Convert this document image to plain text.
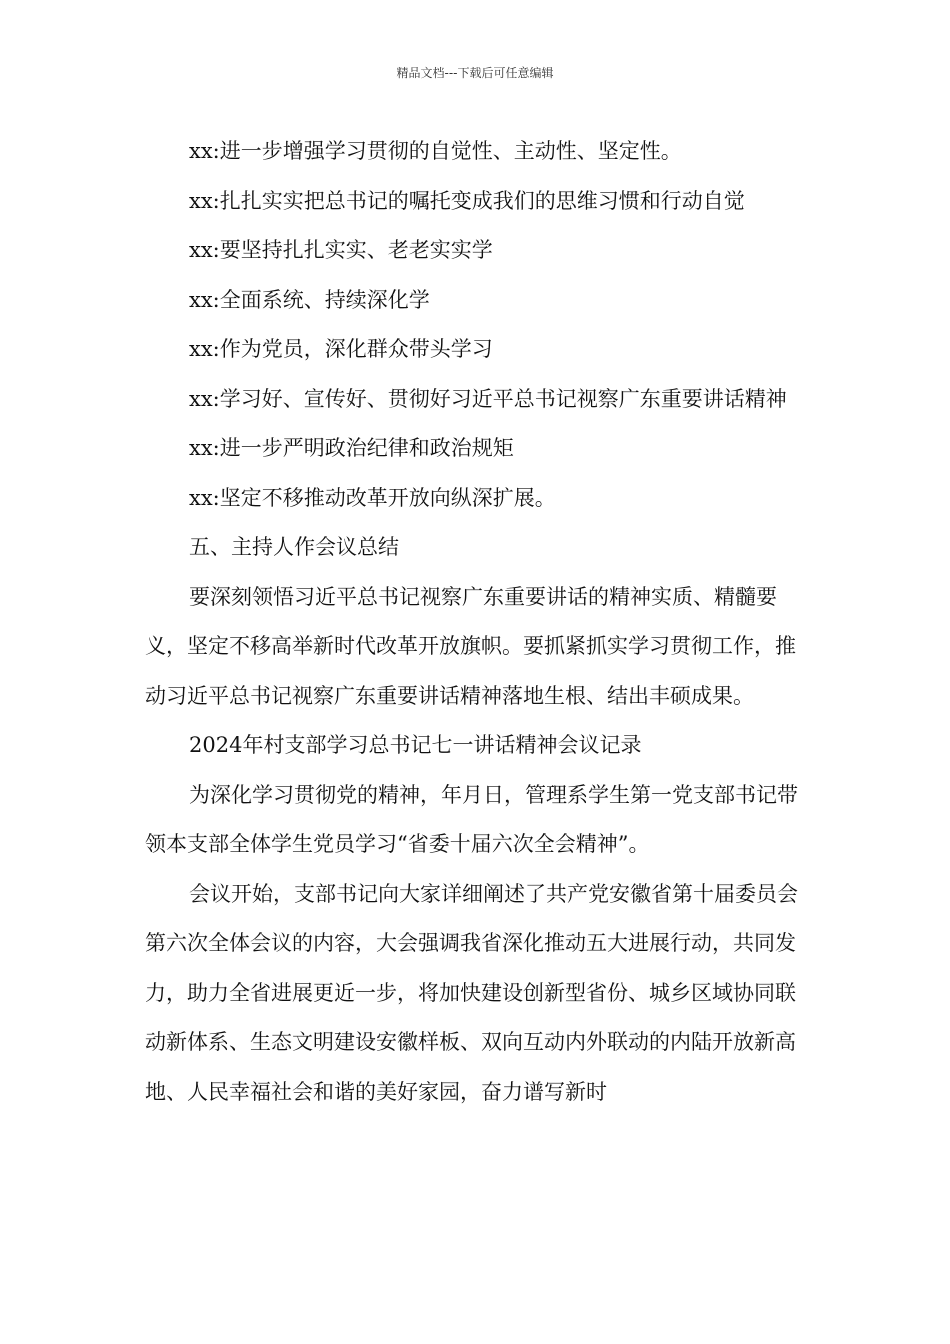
精品文档---下载后可任意编辑

xx:进一步增强学习贯彻的自觉性、主动性、坚定性。

xx:扎扎实实把总书记的嘱托变成我们的思维习惯和行动自觉

xx:要坚持扎扎实实、老老实实学

xx:全面系统、持续深化学

xx:作为党员，深化群众带头学习

xx:学习好、宣传好、贯彻好习近平总书记视察广东重要讲话精神

xx:进一步严明政治纪律和政治规矩

xx:坚定不移推动改革开放向纵深扩展。

五、主持人作会议总结

要深刻领悟习近平总书记视察广东重要讲话的精神实质、精髓要义，坚定不移高举新时代改革开放旗帜。要抓紧抓实学习贯彻工作，推动习近平总书记视察广东重要讲话精神落地生根、结出丰硕成果。

2024年村支部学习总书记七一讲话精神会议记录

为深化学习贯彻党的精神，年月日，管理系学生第一党支部书记带领本支部全体学生党员学习“省委十届六次全会精神”。

会议开始，支部书记向大家详细阐述了共产党安徽省第十届委员会第六次全体会议的内容，大会强调我省深化推动五大进展行动，共同发力，助力全省进展更近一步，将加快建设创新型省份、城乡区域协同联动新体系、生态文明建设安徽样板、双向互动内外联动的内陆开放新高地、人民幸福社会和谐的美好家园，奋力谱写新时
